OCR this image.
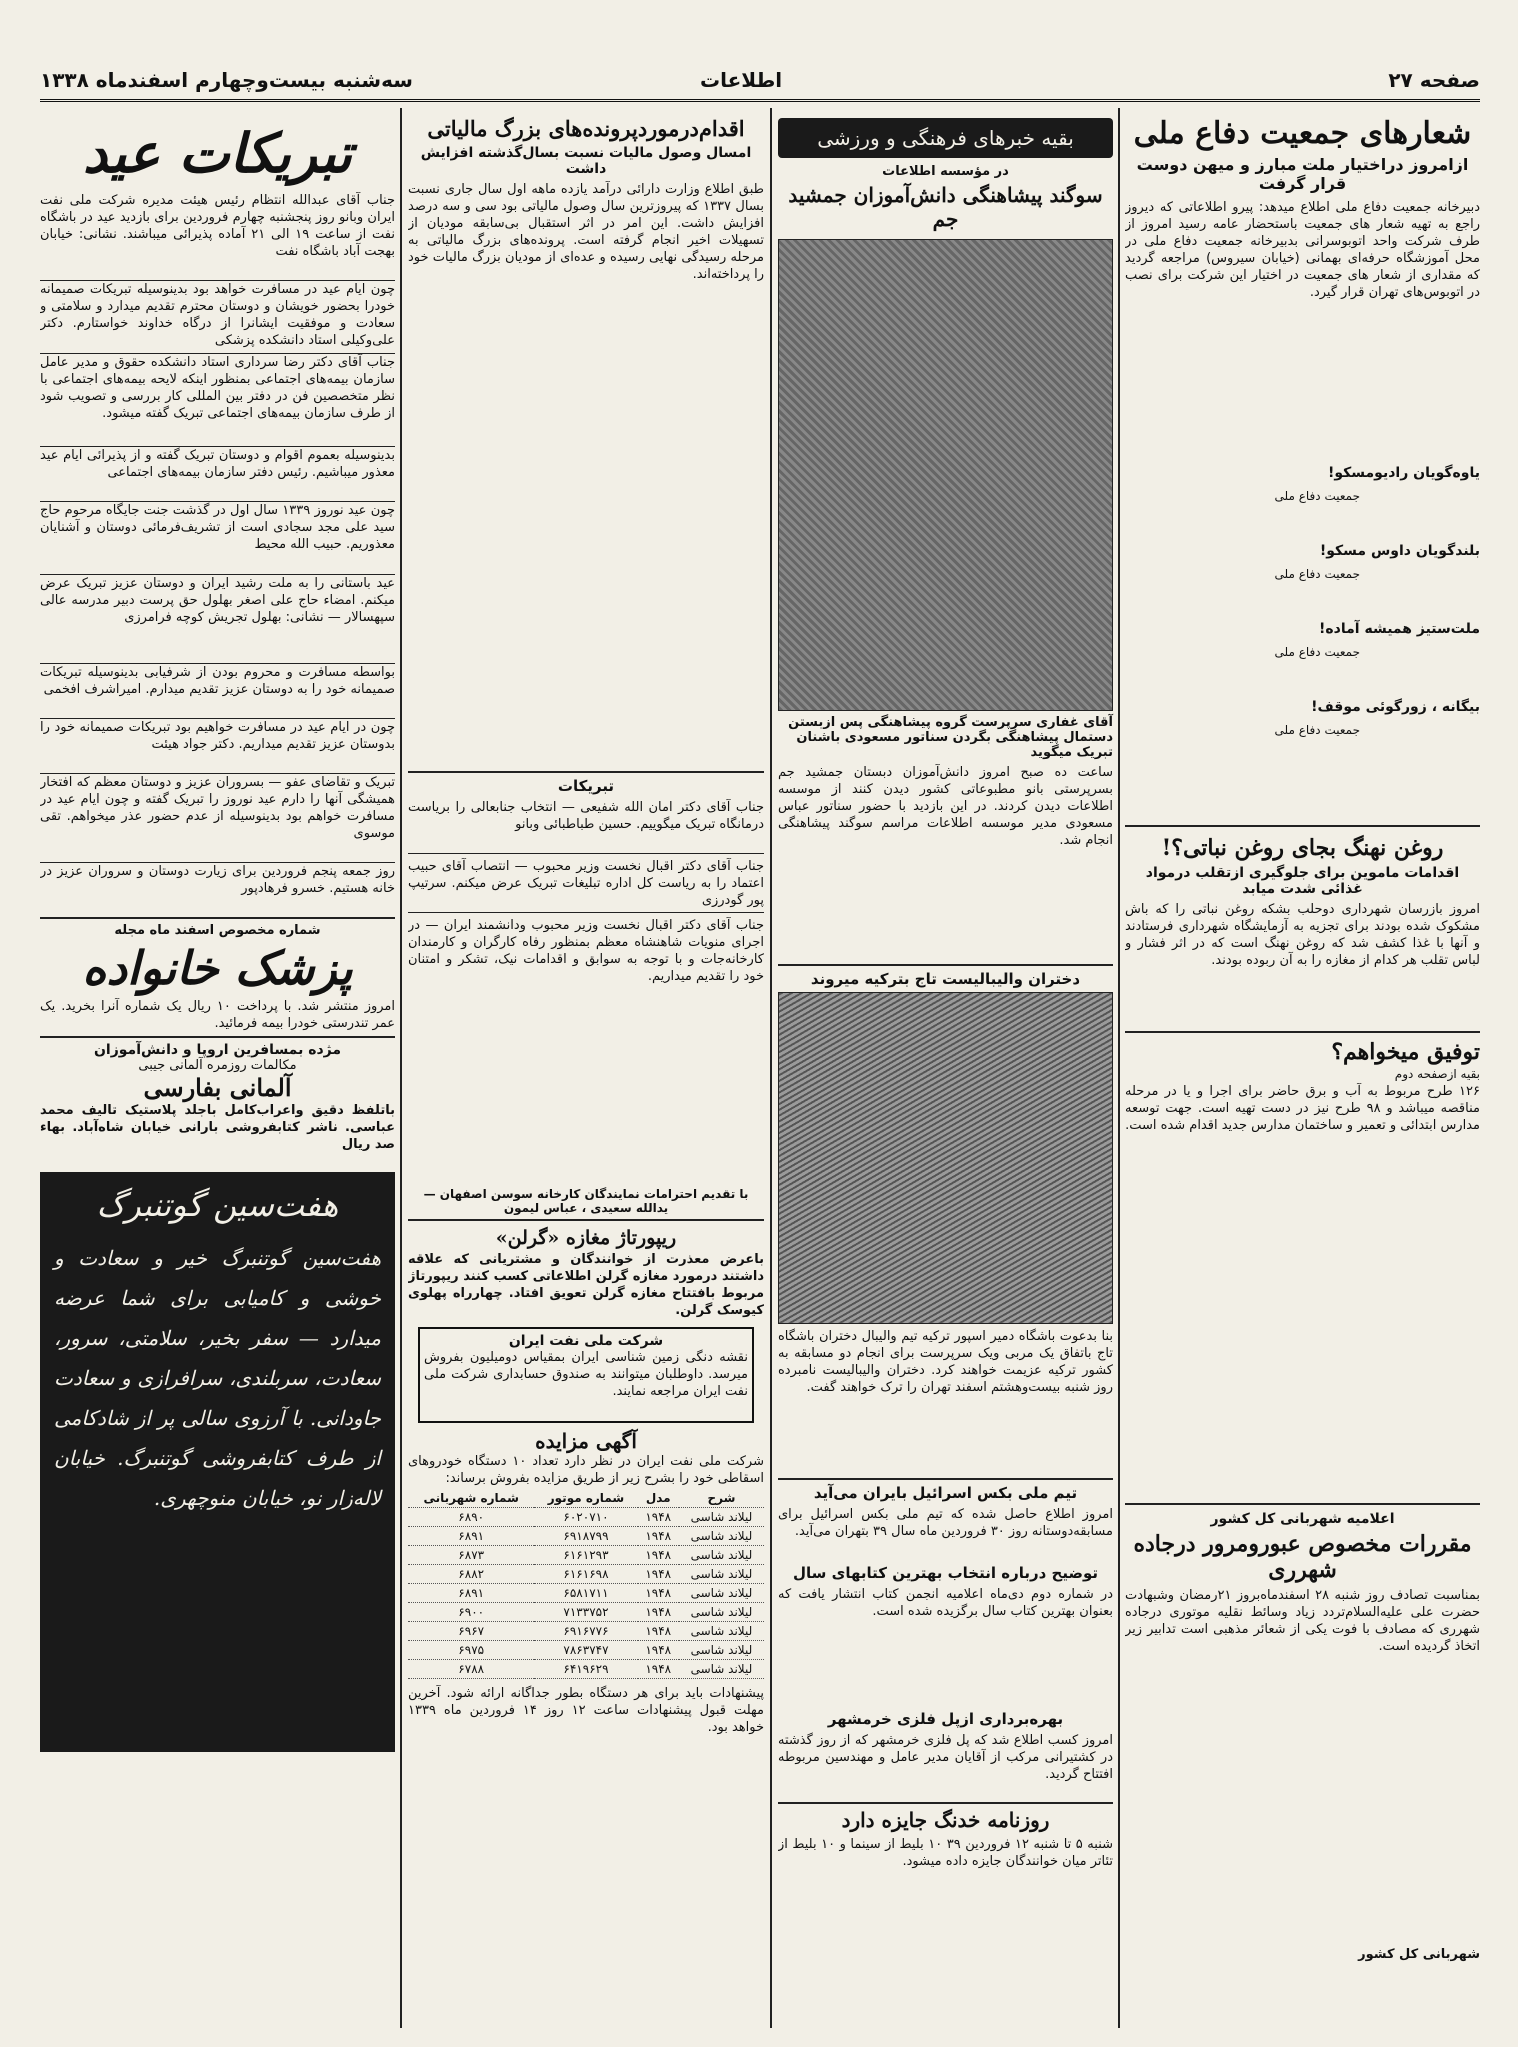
صفحه ۲۷
اطلاعات
سه‌شنبه بیست‌وچهارم اسفندماه ۱۳۳۸
شعارهای جمعیت دفاع ملی
ازامروز دراختیار ملت مبارز و میهن دوست قرار گرفت
دبیرخانه جمعیت دفاع ملی اطلاع میدهد: پیرو اطلاعاتی که دیروز راجع به تهیه شعار های جمعیت باستحضار عامه رسید امروز از طرف شرکت واحد اتوبوسرانی بدبیرخانه جمعیت دفاع ملی در محل آموزشگاه حرفه‌ای بهمانی (خیابان سیروس) مراجعه گردید که مقداری از شعار های جمعیت در اختیار این شرکت برای نصب در اتوبوس‌های تهران قرار گیرد.
یاوه‌گویان رادیومسکو!
جمعیت دفاع ملی
بلندگویان داوس مسکو!
جمعیت دفاع ملی
ملت‌ستیز همیشه آماده!
جمعیت دفاع ملی
بیگانه ، زورگوئی موقف!
جمعیت دفاع ملی
روغن نهنگ بجای روغن نباتی؟!
اقدامات ماموین برای جلوگیری ازتقلب درمواد غذائی شدت میابد
امروز بازرسان شهرداری دوحلب بشکه روغن نباتی را که باش مشکوک شده بودند برای تجزیه به آزمایشگاه شهرداری فرستادند و آنها با غذا کشف شد که روغن نهنگ است که در اثر فشار و لباس تقلب هر کدام از مغازه را به آن ربوده بودند.
توفیق میخواهم؟
بقیه ازصفحه دوم
۱۲۶ طرح مربوط به آب و برق حاضر برای اجرا و یا در مرحله مناقصه میباشد و ۹۸ طرح نیز در دست تهیه است. جهت توسعه مدارس ابتدائی و تعمیر و ساختمان مدارس جدید اقدام شده است.
اعلامیه شهربانی کل کشور
مقررات مخصوص عبورومرور درجاده شهرری
بمناسبت تصادف روز شنبه ۲۸ اسفندماه‌بروز ۲۱رمضان وشبهادت حضرت علی علیه‌السلام‌تردد زیاد وسائط نقلیه موتوری درجاده شهرری که مصادف با فوت یکی از شعائر مذهبی است تدابیر زیر اتخاذ گردیده است.
شهربانی کل کشور
بقیه خبرهای فرهنگی و ورزشی
در مؤسسه اطلاعات
سوگند پیشاهنگی دانش‌آموزان جمشید جم
آقای غفاری سرپرست گروه پیشاهنگی پس ازبستن دستمال پیشاهنگی بگردن سناتور مسعودی باشنان تبریک میگوید
ساعت ده صبح امروز دانش‌آموزان دبستان جمشید جم بسرپرستی بانو مطبوعاتی کشور دیدن کنند از موسسه اطلاعات دیدن کردند. در این بازدید با حضور سناتور عباس مسعودی مدیر موسسه اطلاعات مراسم سوگند پیشاهنگی انجام شد.
دختران والیبالیست تاج بترکیه میروند
بنا بدعوت باشگاه دمیر اسپور ترکیه تیم والیبال دختران باشگاه تاج باتفاق یک مربی ویک سرپرست برای انجام دو مسابقه به کشور ترکیه عزیمت خواهند کرد. دختران والیبالیست نامبرده روز شنبه بیست‌وهشتم اسفند تهران را ترک خواهند گفت.
تیم ملی بکس اسرائیل بایران می‌آید
امروز اطلاع حاصل شده که تیم ملی بکس اسرائیل برای مسابقه‌دوستانه روز ۳۰ فروردین ماه سال ۳۹ بتهران می‌آید.
توضیح درباره انتخاب بهترین کتابهای سال
در شماره دوم دی‌ماه اعلامیه انجمن کتاب انتشار یافت که بعنوان بهترین کتاب سال برگزیده شده است.
بهره‌برداری ازپل فلزی خرمشهر
امروز کسب اطلاع شد که پل فلزی خرمشهر که از روز گذشته در کشتیرانی مرکب از آقایان مدیر عامل و مهندسین مربوطه افتتاح گردید.
روزنامه خدنگ جایزه دارد
شنبه ۵ تا شنبه ۱۲ فروردین ۳۹ ۱۰ بلیط از سینما و ۱۰ بلیط از تئاتر میان خوانندگان جایزه داده میشود.
اقدام‌درمورد‌پرونده‌های بزرگ مالیاتی
امسال وصول مالیات نسبت بسال‌گذشته افزایش داشت
طبق اطلاع وزارت دارائی درآمد یازده ماهه اول سال جاری نسبت بسال ۱۳۳۷ که پیروزترین سال وصول مالیاتی بود سی و سه درصد افزایش داشت. این امر در اثر استقبال بی‌سابقه مودیان از تسهیلات اخیر انجام گرفته است. پرونده‌های بزرگ مالیاتی به مرحله رسیدگی نهایی رسیده و عده‌ای از مودیان بزرگ مالیات خود را پرداخته‌اند.
تبریکات
جناب آقای دکتر امان الله شفیعی — انتخاب جنابعالی را بریاست درمانگاه تبریک میگوییم. حسین طباطبائی وبانو
جناب آقای دکتر اقبال نخست وزیر محبوب — انتصاب آقای حبیب اعتماد را به ریاست کل اداره تبلیغات تبریک عرض میکنم. سرتیپ پور گودرزی
جناب آقای دکتر اقبال نخست وزیر محبوب ودانشمند ایران — در اجرای منویات شاهنشاه معظم بمنظور رفاه کارگران و کارمندان کارخانه‌جات و با توجه به سوابق و اقدامات نیک، تشکر و امتنان خود را تقدیم میداریم.
با تقدیم احترامات نمایندگان کارخانه سوسن اصفهان — یدالله سعیدی ، عباس لیمون
ریپورتاژ مغازه «گرلن»
باعرض معذرت از خوانندگان و مشتریانی که علاقه داشتند درمورد مغازه گرلن اطلاعاتی کسب کنند ریپورتاژ مربوط بافتتاح مغازه گرلن تعویق افتاد. چهارراه پهلوی کیوسک گرلن.
شرکت ملی نفت ایران
نقشه دنگی زمین شناسی ایران بمقیاس دومیلیون بفروش میرسد. داوطلبان میتوانند به صندوق حسابداری شرکت ملی نفت ایران مراجعه نمایند.
آگهی مزایده
شرکت ملی نفت ایران در نظر دارد تعداد ۱۰ دستگاه خودروهای اسقاطی خود را بشرح زیر از طریق مزایده بفروش برساند:
شرح	مدل	شماره موتور	شماره شهربانی
لیلاند شاسی	۱۹۴۸	۶۰۲۰۷۱۰	۶۸۹۰
لیلاند شاسی	۱۹۴۸	۶۹۱۸۷۹۹	۶۸۹۱
لیلاند شاسی	۱۹۴۸	۶۱۶۱۲۹۳	۶۸۷۳
لیلاند شاسی	۱۹۴۸	۶۱۶۱۶۹۸	۶۸۸۲
لیلاند شاسی	۱۹۴۸	۶۵۸۱۷۱۱	۶۸۹۱
لیلاند شاسی	۱۹۴۸	۷۱۳۳۷۵۲	۶۹۰۰
لیلاند شاسی	۱۹۴۸	۶۹۱۶۷۷۶	۶۹۶۷
لیلاند شاسی	۱۹۴۸	۷۸۶۳۷۴۷	۶۹۷۵
لیلاند شاسی	۱۹۴۸	۶۴۱۹۶۲۹	۶۷۸۸
پیشنهادات باید برای هر دستگاه بطور جداگانه ارائه شود. آخرین مهلت قبول پیشنهادات ساعت ۱۲ روز ۱۴ فروردین ماه ۱۳۳۹ خواهد بود.
تبریکات عید
جناب آقای عبدالله انتظام رئیس هیئت مدیره شرکت ملی نفت ایران وبانو روز پنجشنبه چهارم فروردین برای بازدید عید در باشگاه نفت از ساعت ۱۹ الی ۲۱ آماده پذیرائی میباشند. نشانی: خیابان بهجت آباد باشگاه نفت
چون ایام عید در مسافرت خواهد بود بدینوسیله تبریکات صمیمانه خودرا بحضور خویشان و دوستان محترم تقدیم میدارد و سلامتی و سعادت و موفقیت ایشانرا از درگاه خداوند خواستارم. دکتر علی‌وکیلی استاد دانشکده پزشکی
جناب آقای دکتر رضا سرداری استاد دانشکده حقوق و مدیر عامل سازمان بیمه‌های اجتماعی بمنظور اینکه لایحه بیمه‌های اجتماعی با نظر متخصصین فن در دفتر بین المللی کار بررسی و تصویب شود از طرف سازمان بیمه‌های اجتماعی تبریک گفته میشود.
بدینوسیله بعموم اقوام و دوستان تبریک گفته و از پذیرائی ایام عید معذور میباشیم. رئیس دفتر سازمان بیمه‌های اجتماعی
چون عید نوروز ۱۳۳۹ سال اول در گذشت جنت جایگاه مرحوم حاج سید علی مجد سجادی است از تشریف‌فرمائی دوستان و آشنایان معذوریم. حبیب الله محیط
عید باستانی را به ملت رشید ایران و دوستان عزیز تبریک عرض میکنم. امضاء حاج علی اصغر بهلول حق پرست دبیر مدرسه عالی سپهسالار — نشانی: بهلول تجریش کوچه فرامرزی
بواسطه مسافرت و محروم بودن از شرفیابی بدینوسیله تبریکات صمیمانه خود را به دوستان عزیز تقدیم میدارم. امیراشرف افخمی
چون در ایام عید در مسافرت خواهیم بود تبریکات صمیمانه خود را بدوستان عزیز تقدیم میداریم. دکتر جواد هیئت
تبریک و تقاضای عفو — بسروران عزیز و دوستان معظم که افتخار همیشگی آنها را دارم عید نوروز را تبریک گفته و چون ایام عید در مسافرت خواهم بود بدینوسیله از عدم حضور عذر میخواهم. تقی موسوی
روز جمعه پنجم فروردین برای زیارت دوستان و سروران عزیز در خانه هستیم. خسرو فرهادپور
شماره مخصوص اسفند ماه مجله
پزشک خانواده
امروز منتشر شد. با پرداخت ۱۰ ریال یک شماره آنرا بخرید. یک عمر تندرستی خودرا بیمه فرمائید.
مژده بمسافرین اروپا و دانش‌آموزان
مکالمات روزمره آلمانی جیبی
آلمانی بفارسی
باتلفظ دقیق واعراب‌کامل باجلد پلاستیک تالیف محمد عباسی. ناشر کتابفروشی بارانی خیابان شاه‌آباد. بهاء صد ریال
هفت‌سین گوتنبرگ
هفت‌سین گوتنبرگ خیر و سعادت و خوشی و کامیابی برای شما عرضه میدارد — سفر بخیر، سلامتی، سرور، سعادت، سربلندی، سرافرازی و سعادت جاودانی. با آرزوی سالی پر از شادکامی از طرف کتابفروشی گوتنبرگ. خیابان لاله‌زار نو، خیابان منوچهری.
